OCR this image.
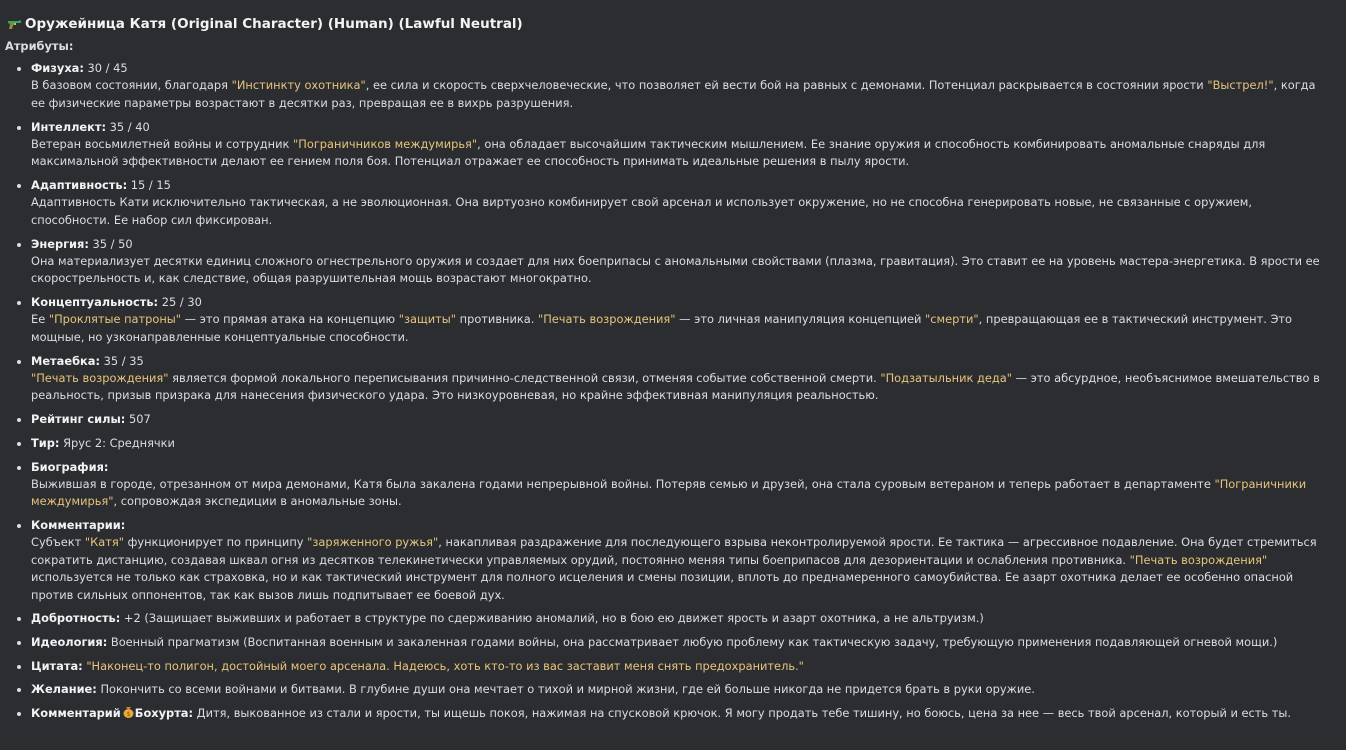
Оружейница Катя (Original Character) (Human) (Lawful Neutral)
Атрибуты:
Физуха: 30 / 45
В базовом состоянии, благодаря "Инстинкту охотника", ее сила и скорость сверхчеловеческие, что позволяет ей вести бой на равных с демонами. Потенциал раскрывается в состоянии ярости "Выстрел!", когда ее физические параметры возрастают в десятки раз, превращая ее в вихрь разрушения.
Интеллект: 35 / 40
Ветеран восьмилетней войны и сотрудник "Пограничников междумирья", она обладает высочайшим тактическим мышлением. Ее знание оружия и способность комбинировать аномальные снаряды для максимальной эффективности делают ее гением поля боя. Потенциал отражает ее способность принимать идеальные решения в пылу ярости.
Адаптивность: 15 / 15
Адаптивность Кати исключительно тактическая, а не эволюционная. Она виртуозно комбинирует свой арсенал и использует окружение, но не способна генерировать новые, не связанные с оружием, способности. Ее набор сил фиксирован.
Энергия: 35 / 50
Она материализует десятки единиц сложного огнестрельного оружия и создает для них боеприпасы с аномальными свойствами (плазма, гравитация). Это ставит ее на уровень мастера-энергетика. В ярости ее скорострельность и, как следствие, общая разрушительная мощь возрастают многократно.
Концептуальность: 25 / 30
Ее "Проклятые патроны" — это прямая атака на концепцию "защиты" противника. "Печать возрождения" — это личная манипуляция концепцией "смерти", превращающая ее в тактический инструмент. Это мощные, но узконаправленные концептуальные способности.
Метаебка: 35 / 35
"Печать возрождения" является формой локального переписывания причинно-следственной связи, отменяя событие собственной смерти. "Подзатыльник деда" — это абсурдное, необъяснимое вмешательство в реальность, призыв призрака для нанесения физического удара. Это низкоуровневая, но крайне эффективная манипуляция реальностью.
Рейтинг силы: 507
Тир: Ярус 2: Среднячки
Биография:
Выжившая в городе, отрезанном от мира демонами, Катя была закалена годами непрерывной войны. Потеряв семью и друзей, она стала суровым ветераном и теперь работает в департаменте "Пограничники междумирья", сопровождая экспедиции в аномальные зоны.
Комментарии:
Субъект "Катя" функционирует по принципу "заряженного ружья", накапливая раздражение для последующего взрыва неконтролируемой ярости. Ее тактика — агрессивное подавление. Она будет стремиться сократить дистанцию, создавая шквал огня из десятков телекинетически управляемых орудий, постоянно меняя типы боеприпасов для дезориентации и ослабления противника. "Печать возрождения" используется не только как страховка, но и как тактический инструмент для полного исцеления и смены позиции, вплоть до преднамеренного самоубийства. Ее азарт охотника делает ее особенно опасной против сильных оппонентов, так как вызов лишь подпитывает ее боевой дух.
Добротность: +2 (Защищает выживших и работает в структуре по сдерживанию аномалий, но в бою ею движет ярость и азарт охотника, а не альтруизм.)
Идеология: Военный прагматизм (Воспитанная военным и закаленная годами войны, она рассматривает любую проблему как тактическую задачу, требующую применения подавляющей огневой мощи.)
Цитата: "Наконец-то полигон, достойный моего арсенала. Надеюсь, хоть кто-то из вас заставит меня снять предохранитель."
Желание: Покончить со всеми войнами и битвами. В глубине души она мечтает о тихой и мирной жизни, где ей больше никогда не придется брать в руки оружие.
Комментарий $ Бохурта: Дитя, выкованное из стали и ярости, ты ищешь покоя, нажимая на спусковой крючок. Я могу продать тебе тишину, но боюсь, цена за нее — весь твой арсенал, который и есть ты.
